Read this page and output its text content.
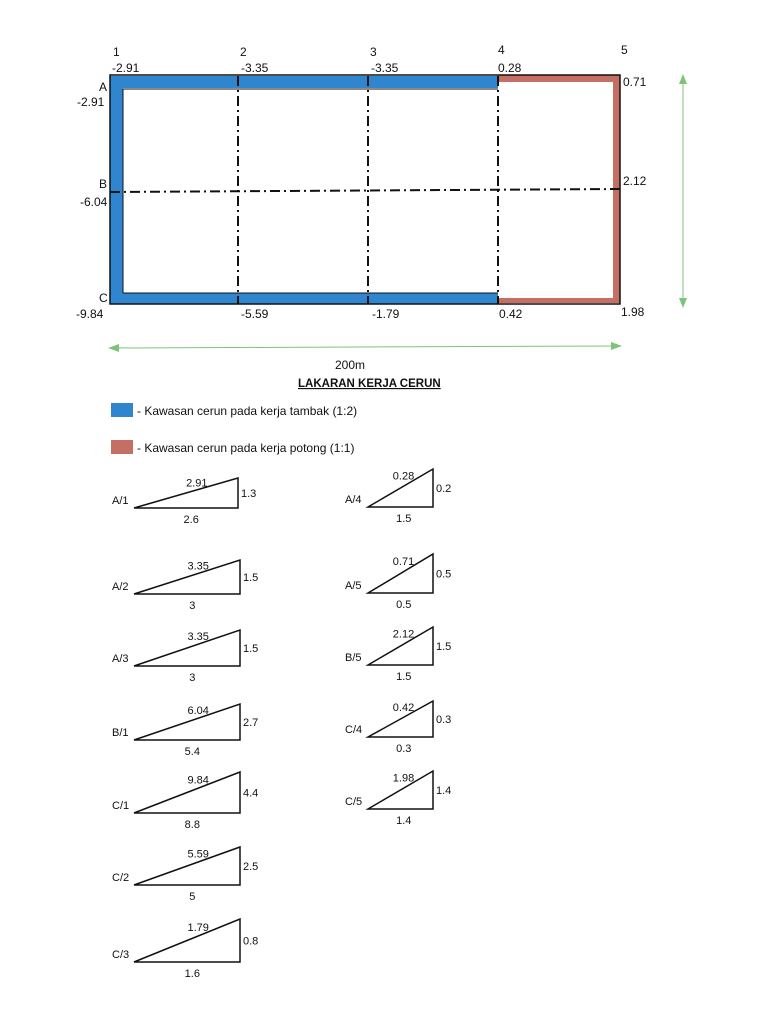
1	2	3	4	5
-2.91	-3.35	-3.35	0.28
0.71
A
B
C
-2.91
-6.04
-9.84
2.12
-5.59	-1.79	0.42	1.98
200m
LAKARAN KERJA CERUN
- Kawasan cerun pada kerja tambak (1:2)
- Kawasan cerun pada kerja potong (1:1)
A/1
2.91
1.3
2.6
A/2
3.35
1.5
3
A/3
3.35
1.5
3
B/1
6.04
2.7
5.4
C/1
9.84
4.4
8.8
C/2
5.59
2.5
5
C/3
1.79
0.8
1.6
A/4
0.28
0.2
1.5
A/5
0.71
0.5
0.5
B/5
2.12
1.5
1.5
C/4
0.42
0.3
0.3
C/5
1.98
1.4
1.4
